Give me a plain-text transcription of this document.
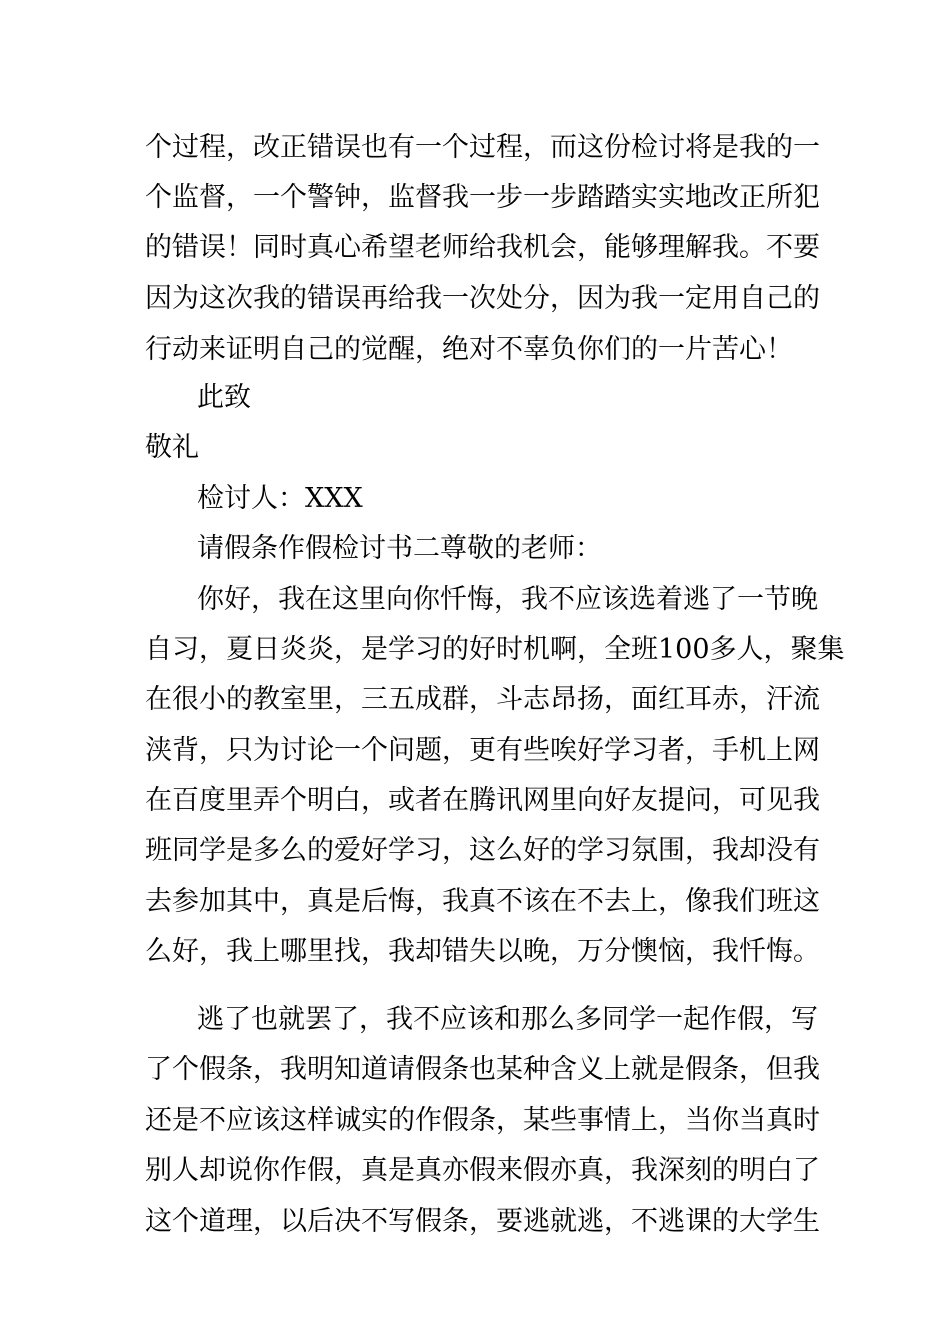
个过程，改正错误也有一个过程，而这份检讨将是我的一
个监督，一个警钟，监督我一步一步踏踏实实地改正所犯
的错误！同时真心希望老师给我机会，能够理解我。不要
因为这次我的错误再给我一次处分，因为我一定用自己的
行动来证明自己的觉醒，绝对不辜负你们的一片苦心！
此致
敬礼
检讨人：XXX
请假条作假检讨书二尊敬的老师：
你好，我在这里向你忏悔，我不应该选着逃了一节晚
自习，夏日炎炎，是学习的好时机啊，全班100多人，聚集
在很小的教室里，三五成群，斗志昂扬，面红耳赤，汗流
浃背，只为讨论一个问题，更有些唉好学习者，手机上网
在百度里弄个明白，或者在腾讯网里向好友提问，可见我
班同学是多么的爱好学习，这么好的学习氛围，我却没有
去参加其中，真是后悔，我真不该在不去上，像我们班这
么好，我上哪里找，我却错失以晚，万分懊恼，我忏悔。
逃了也就罢了，我不应该和那么多同学一起作假，写
了个假条，我明知道请假条也某种含义上就是假条，但我
还是不应该这样诚实的作假条，某些事情上，当你当真时
别人却说你作假，真是真亦假来假亦真，我深刻的明白了
这个道理，以后决不写假条，要逃就逃，不逃课的大学生
